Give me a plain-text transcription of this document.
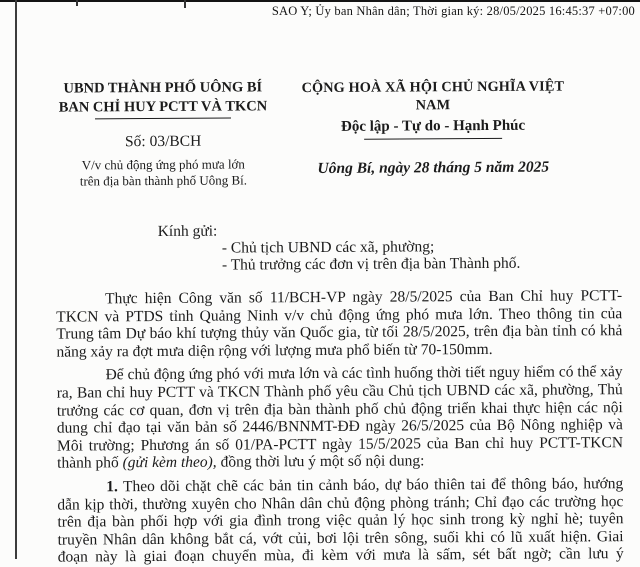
SAO Y; Ủy ban Nhân dân; Thời gian ký: 28/05/2025 16:45:37 +07:00
UBND THÀNH PHỐ UÔNG BÍ
BAN CHỈ HUY PCTT VÀ TKCN
Số: 03/BCH
V/v chủ động ứng phó mưa lớn
trên địa bàn thành phố Uông Bí.
CỘNG HOÀ XÃ HỘI CHỦ NGHĨA VIỆT NAM
Độc lập - Tự do - Hạnh Phúc
Uông Bí, ngày 28 tháng 5 năm 2025
Kính gửi:
- Chủ tịch UBND các xã, phường;
- Thủ trưởng các đơn vị trên địa bàn Thành phố.

Thực hiện Công văn số 11/BCH-VP ngày 28/5/2025 của Ban Chỉ huy PCTT-TKCN và PTDS tỉnh Quảng Ninh v/v chủ động ứng phó mưa lớn. Theo thông tin của Trung tâm Dự báo khí tượng thủy văn Quốc gia, từ tối 28/5/2025, trên địa bàn tỉnh có khả năng xảy ra đợt mưa diện rộng với lượng mưa phổ biến từ 70-150mm.

Để chủ động ứng phó với mưa lớn và các tình huống thời tiết nguy hiểm có thể xảy ra, Ban chỉ huy PCTT và TKCN Thành phố yêu cầu Chủ tịch UBND các xã, phường, Thủ trưởng các cơ quan, đơn vị trên địa bàn thành phố chủ động triển khai thực hiện các nội dung chỉ đạo tại văn bản số 2446/BNNMT-ĐĐ ngày 26/5/2025 của Bộ Nông nghiệp và Môi trường; Phương án số 01/PA-PCTT ngày 15/5/2025 của Ban chỉ huy PCTT-TKCN thành phố (gửi kèm theo), đồng thời lưu ý một số nội dung:

1. Theo dõi chặt chẽ các bản tin cảnh báo, dự báo thiên tai để thông báo, hướng dẫn kịp thời, thường xuyên cho Nhân dân chủ động phòng tránh; Chỉ đạo các trường học trên địa bàn phối hợp với gia đình trong việc quản lý học sinh trong kỳ nghỉ hè; tuyên truyền Nhân dân không bắt cá, vớt củi, bơi lội trên sông, suối khi có lũ xuất hiện. Giai đoạn này là giai đoạn chuyển mùa, đi kèm với mưa là sấm, sét bất ngờ; cần lưu ý
